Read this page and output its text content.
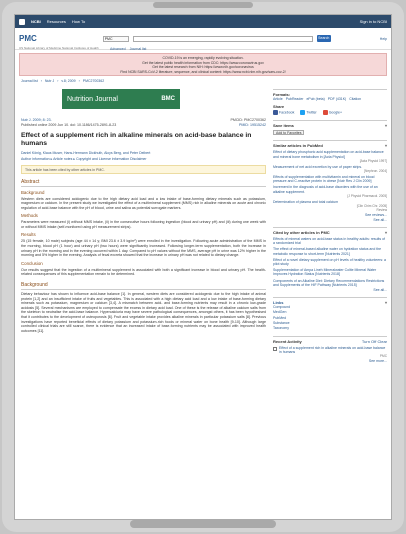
NCBI Resources How To	Sign in to NCBI
PMC
US National Library of Medicine National Institutes of Health
PMC	Search	Help
Advanced Journal list
COVID-19 is an emerging, rapidly evolving situation.
Get the latest public health information from CDC: https://www.coronavirus.gov
Get the latest research from NIH: https://www.nih.gov/coronavirus
Find NCBI SARS-CoV-2 literature, sequence, and clinical content: https://www.ncbi.nlm.nih.gov/sars-cov-2/
Journal list › Nutr J › v.8; 2009 › PMC2700362
Nutrition Journal	BMC
Nutr J. 2009; 8: 23.
Published online 2009 Jun 10. doi: 10.1186/1475-2891-8-23
PMCID: PMC2700362
PMID: 19515242
Effect of a supplement rich in alkaline minerals on acid-base balance in humans
Daniel König, Klaus Muser, Hans-Hermann Dickhuth, Aloys Berg, and Peter Deibert
Author information ▸ Article notes ▸ Copyright and License information Disclaimer
This article has been cited by other articles in PMC.
Abstract
Background
Western diets are considered acidogenic due to the high dietary acid load and a low intake of base-forming dietary minerals such as potassium, magnesium or calcium. In the present study we investigated the effect of a multimineral supplement (MMS) rich in alkaline minerals on acute and chronic regulation of acid-base balance with the pH of blood, urine and saliva as potential surrogate markers.
Methods
Parameters were measured (i) without MMS intake, (ii) in the consecutive hours following ingestion (blood and urinary pH) and (iii) during one week with or without MMS intake (self-monitored using pH measurement strips).
Results
25 (15 female, 10 male) subjects (age 44 ± 14 y; BMI 23.6 ± 3.9 kg/m²) were enrolled in the investigation. Following acute administration of the MMS in the morning, blood pH (1 hour) and urinary pH (two hours) were significantly increased. Following longer-term supplementation, both the increase in urinary pH in the morning and in the evening occurred within 1 day. Compared to pH values without the MMS, average pH in urine was 12% higher in the morning and 5% higher in the evening. Analysis of fecal excreta showed that the increase in urinary pH was not related to dietary change.
Conclusion
Our results suggest that the ingestion of a multimineral supplement is associated with both a significant increase in blood and urinary pH. The health-related consequences of this supplementation remain to be determined.
Background
Dietary behaviour has shown to influence acid-base balance [1]. In general, western diets are considered acidogenic due to the high intake of animal protein [1,2] and an insufficient intake of fruits and vegetables. This is associated with a high dietary acid load and a low intake of base-forming dietary minerals such as potassium, magnesium or calcium [3,4]. A mismatch between acid- and base-forming nutrients may result in a chronic low-grade acidosis [5]. Several mechanisms are employed to compensate the excess in dietary acid load. One of these is the release of alkaline calcium salts from the skeleton to neutralise the acid-base balance. Hypercalciuria may have severe pathological consequences, amongst others, it has been hypothesised that it contributes to the development of osteoporosis [6]. Fruit and vegetable intake provides alkaline minerals in particular potassium salts [8]. Previous investigations have reported beneficial effects of dietary potassium and potassium-rich foods or mineral water on bone health [9-10]. Although large controlled clinical trials are still scarce, there is evidence that an increased intake of base-forming nutrients may be associated with improved health outcomes [11].
Formats:
Article PubReader ePub (beta) PDF (431K) Citation
Share
Facebook	Twitter	Google+
Save items	▾
Add to Favorites
Similar articles in PubMed	▾
Effect of dietary phosphoric acid supplementation on acid-base balance and mineral bone metabolism in [Acta Physiol]
[Acta Physiol 1997]
Measurement of net acid excretion by use of paper strips.
[Nephron. 2004]
Effects of supplementation with multivitamin and mineral on blood pressure and C-reactive protein in obese [Nutr Res J Clin 2009]
Increment in the diagnosis of acid-base disorders with the use of an alkaline supplement.
[J Physiol Pharmacol. 2005]
Determination of plasma and total calcium
[Clin Chim Chr. 2005]
Review
See reviews...
See all...
Cited by other articles in PMC	▾
Effects of mineral waters on acid-base status in healthy adults: results of a randomized trial
The effect of mineral-based alkaline water on hydration status and the metabolic response to short-term [Nutrients 2021]
Effect of a novel dietary supplement on pH levels of healthy volunteers: a pilot study
Supplementation of Ampa Lineh Mineralwater Colite Mineral Water Improves Hydration Status [Nutrients 2018]
Components of an Alkaline Diet: Dietary Recommendations Restrictions and Supplements of the HIF Pathway [Nutrients 2015]
See all...
Links	▾
Compound
MedGen
PubMed
Substance
Taxonomy
Recent Activity	Turn Off Clear
Effect of a supplement rich in alkaline minerals on acid-base balance in humans
PMC
See more...
